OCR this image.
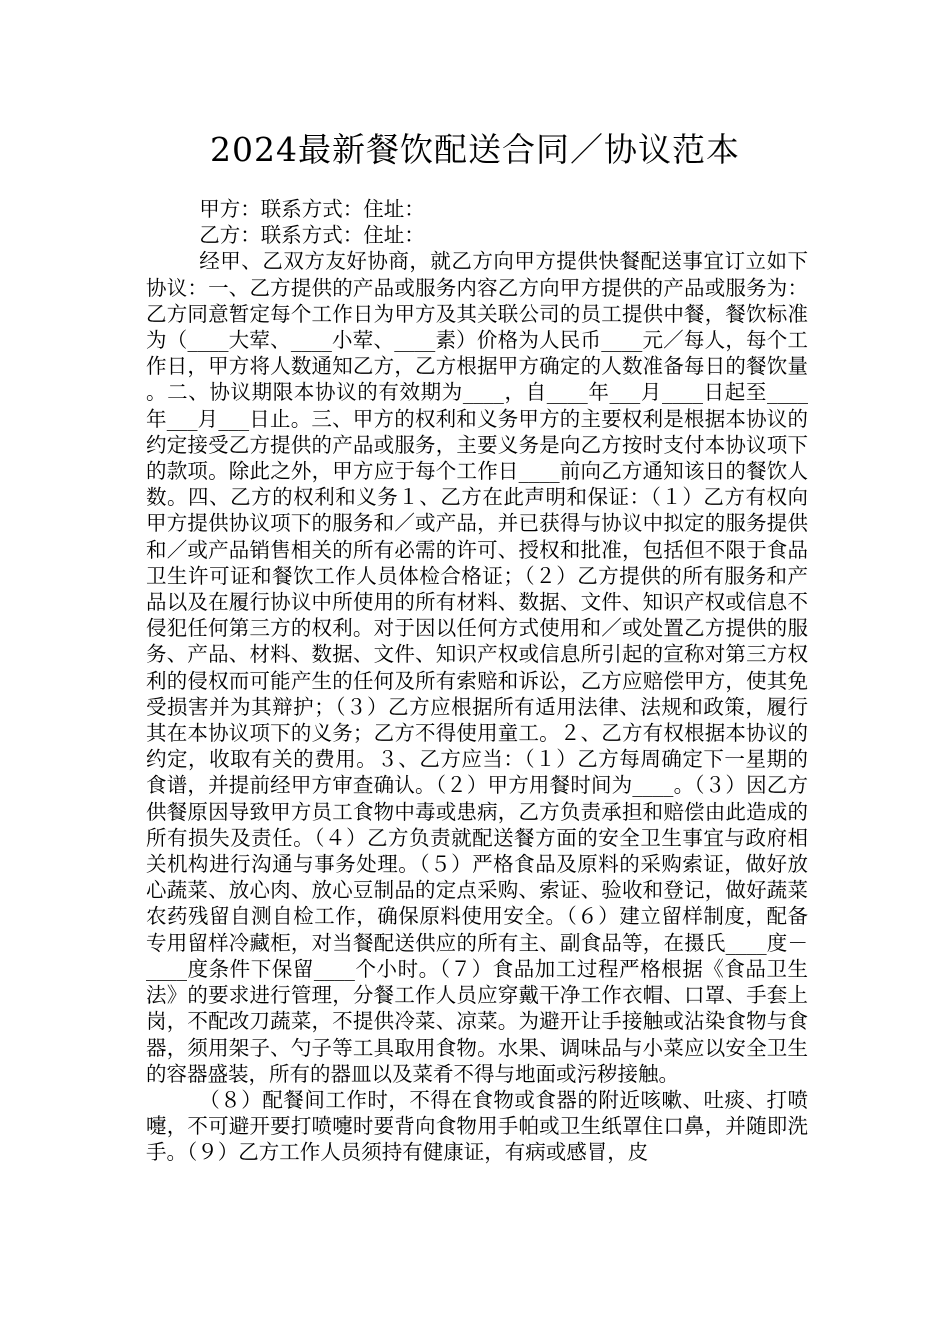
2024最新餐饮配送合同／协议范本

甲方：联系方式：住址：

乙方：联系方式：住址：

经甲、乙双方友好协商，就乙方向甲方提供快餐配送事宜订立如下协议：一、乙方提供的产品或服务内容乙方向甲方提供的产品或服务为：乙方同意暂定每个工作日为甲方及其关联公司的员工提供中餐，餐饮标准为（____大荤、____小荤、____素）价格为人民币____元／每人，每个工作日，甲方将人数通知乙方，乙方根据甲方确定的人数准备每日的餐饮量。二、协议期限本协议的有效期为____，自____年___月____日起至____年___月___日止。三、甲方的权利和义务甲方的主要权利是根据本协议的约定接受乙方提供的产品或服务，主要义务是向乙方按时支付本协议项下的款项。除此之外，甲方应于每个工作日____前向乙方通知该日的餐饮人数。四、乙方的权利和义务１、乙方在此声明和保证：（１）乙方有权向甲方提供协议项下的服务和／或产品，并已获得与协议中拟定的服务提供和／或产品销售相关的所有必需的许可、授权和批准，包括但不限于食品卫生许可证和餐饮工作人员体检合格证；（２）乙方提供的所有服务和产品以及在履行协议中所使用的所有材料、数据、文件、知识产权或信息不侵犯任何第三方的权利。对于因以任何方式使用和／或处置乙方提供的服务、产品、材料、数据、文件、知识产权或信息所引起的宣称对第三方权利的侵权而可能产生的任何及所有索赔和诉讼，乙方应赔偿甲方，使其免受损害并为其辩护；（３）乙方应根据所有适用法律、法规和政策，履行其在本协议项下的义务；乙方不得使用童工。２、乙方有权根据本协议的约定，收取有关的费用。３、乙方应当：（１）乙方每周确定下一星期的食谱，并提前经甲方审查确认。（２）甲方用餐时间为____。（３）因乙方供餐原因导致甲方员工食物中毒或患病，乙方负责承担和赔偿由此造成的所有损失及责任。（４）乙方负责就配送餐方面的安全卫生事宜与政府相关机构进行沟通与事务处理。（５）严格食品及原料的采购索证，做好放心蔬菜、放心肉、放心豆制品的定点采购、索证、验收和登记，做好蔬菜农药残留自测自检工作，确保原料使用安全。（６）建立留样制度，配备专用留样冷藏柜，对当餐配送供应的所有主、副食品等，在摄氏____度－____度条件下保留____个小时。（７）食品加工过程严格根据《食品卫生法》的要求进行管理，分餐工作人员应穿戴干净工作衣帽、口罩、手套上岗，不配改刀蔬菜，不提供冷菜、凉菜。为避开让手接触或沾染食物与食器，须用架子、勺子等工具取用食物。水果、调味品与小菜应以安全卫生的容器盛装，所有的器皿以及菜肴不得与地面或污秽接触。

（８）配餐间工作时，不得在食物或食器的附近咳嗽、吐痰、打喷嚏，不可避开要打喷嚏时要背向食物用手帕或卫生纸罩住口鼻，并随即洗手。（９）乙方工作人员须持有健康证，有病或感冒，皮
